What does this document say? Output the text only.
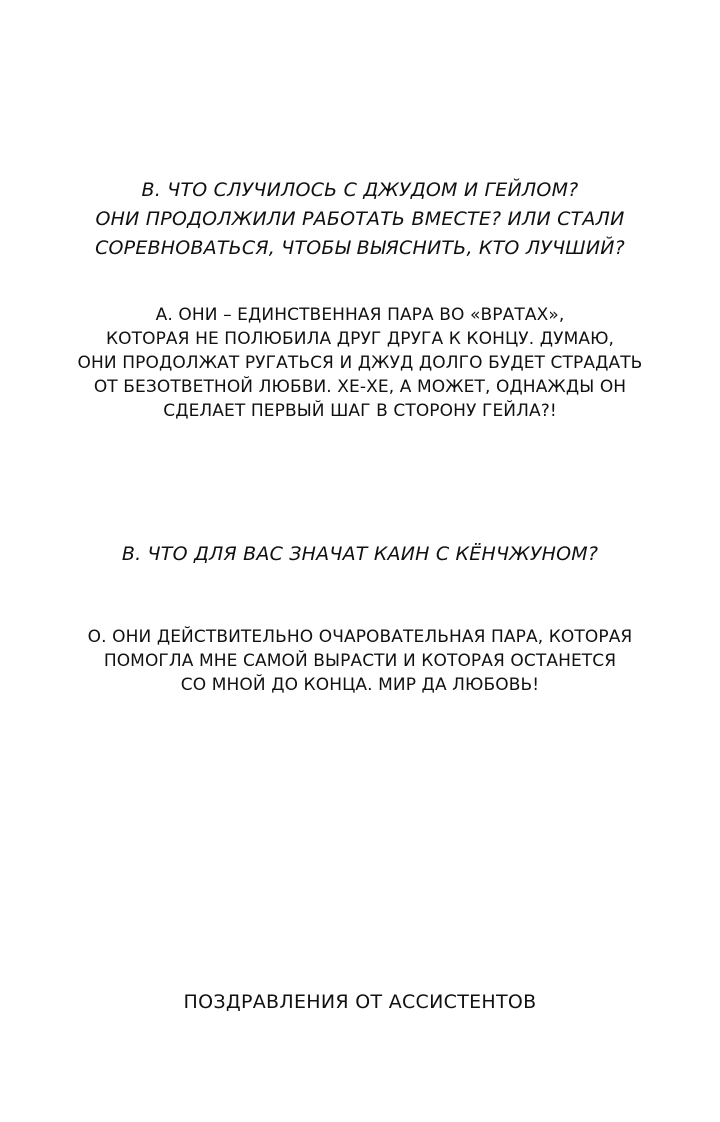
В. ЧТО СЛУЧИЛОСЬ С ДЖУДОМ И ГЕЙЛОМ?
ОНИ ПРОДОЛЖИЛИ РАБОТАТЬ ВМЕСТЕ? ИЛИ СТАЛИ
СОРЕВНОВАТЬСЯ, ЧТОБЫ ВЫЯСНИТЬ, КТО ЛУЧШИЙ?
А. ОНИ – ЕДИНСТВЕННАЯ ПАРА ВО «ВРАТАХ»,
КОТОРАЯ НЕ ПОЛЮБИЛА ДРУГ ДРУГА К КОНЦУ. ДУМАЮ,
ОНИ ПРОДОЛЖАТ РУГАТЬСЯ И ДЖУД ДОЛГО БУДЕТ СТРАДАТЬ
ОТ БЕЗОТВЕТНОЙ ЛЮБВИ. ХЕ-ХЕ, А МОЖЕТ, ОДНАЖДЫ ОН
СДЕЛАЕТ ПЕРВЫЙ ШАГ В СТОРОНУ ГЕЙЛА?!
В. ЧТО ДЛЯ ВАС ЗНАЧАТ КАИН С КЁНЧЖУНОМ?
О. ОНИ ДЕЙСТВИТЕЛЬНО ОЧАРОВАТЕЛЬНАЯ ПАРА, КОТОРАЯ
ПОМОГЛА МНЕ САМОЙ ВЫРАСТИ И КОТОРАЯ ОСТАНЕТСЯ
СО МНОЙ ДО КОНЦА. МИР ДА ЛЮБОВЬ!
ПОЗДРАВЛЕНИЯ ОТ АССИСТЕНТОВ
